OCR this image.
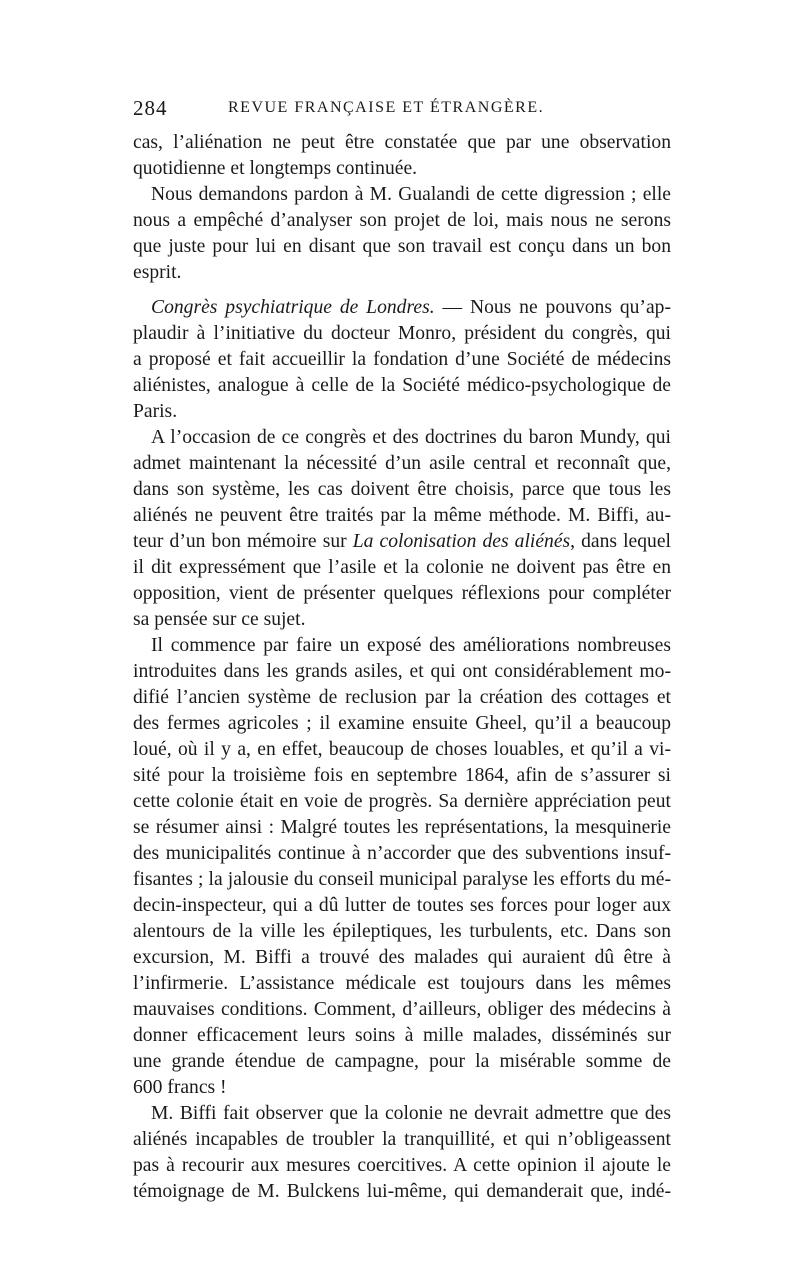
284	REVUE FRANÇAISE ET ÉTRANGÈRE.
cas, l’aliénation ne peut être constatée que par une observation
quotidienne et longtemps continuée.
Nous demandons pardon à M. Gualandi de cette digression ; elle
nous a empêché d’analyser son projet de loi, mais nous ne serons
que juste pour lui en disant que son travail est conçu dans un bon
esprit.
Congrès psychiatrique de Londres. — Nous ne pouvons qu’ap-
plaudir à l’initiative du docteur Monro, président du congrès, qui
a proposé et fait accueillir la fondation d’une Société de médecins
aliénistes, analogue à celle de la Société médico-psychologique de
Paris.
A l’occasion de ce congrès et des doctrines du baron Mundy, qui
admet maintenant la nécessité d’un asile central et reconnaît que,
dans son système, les cas doivent être choisis, parce que tous les
aliénés ne peuvent être traités par la même méthode. M. Biffi, au-
teur d’un bon mémoire sur La colonisation des aliénés, dans lequel
il dit expressément que l’asile et la colonie ne doivent pas être en
opposition, vient de présenter quelques réflexions pour compléter
sa pensée sur ce sujet.
Il commence par faire un exposé des améliorations nombreuses
introduites dans les grands asiles, et qui ont considérablement mo-
difié l’ancien système de reclusion par la création des cottages et
des fermes agricoles ; il examine ensuite Gheel, qu’il a beaucoup
loué, où il y a, en effet, beaucoup de choses louables, et qu’il a vi-
sité pour la troisième fois en septembre 1864, afin de s’assurer si
cette colonie était en voie de progrès. Sa dernière appréciation peut
se résumer ainsi : Malgré toutes les représentations, la mesquinerie
des municipalités continue à n’accorder que des subventions insuf-
fisantes ; la jalousie du conseil municipal paralyse les efforts du mé-
decin-inspecteur, qui a dû lutter de toutes ses forces pour loger aux
alentours de la ville les épileptiques, les turbulents, etc. Dans son
excursion, M. Biffi a trouvé des malades qui auraient dû être à
l’infirmerie. L’assistance médicale est toujours dans les mêmes
mauvaises conditions. Comment, d’ailleurs, obliger des médecins à
donner efficacement leurs soins à mille malades, disséminés sur
une grande étendue de campagne, pour la misérable somme de
600 francs !
M. Biffi fait observer que la colonie ne devrait admettre que des
aliénés incapables de troubler la tranquillité, et qui n’obligeassent
pas à recourir aux mesures coercitives. A cette opinion il ajoute le
témoignage de M. Bulckens lui-même, qui demanderait que, indé-
